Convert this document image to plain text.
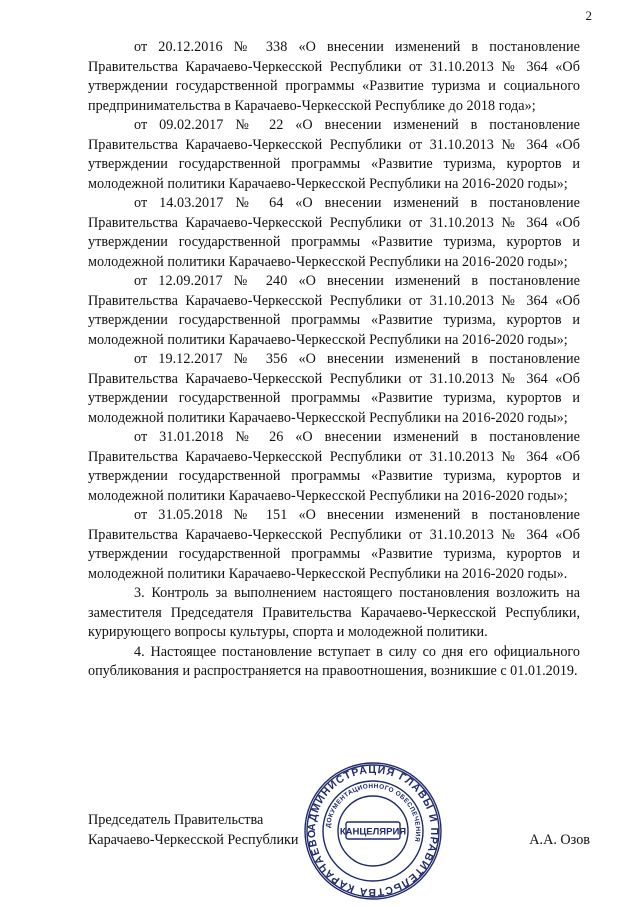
2

от 20.12.2016 № 338 «О внесении изменений в постановление Правительства Карачаево-Черкесской Республики от 31.10.2013 № 364 «Об утверждении государственной программы «Развитие туризма и социального предпринимательства в Карачаево-Черкесской Республике до 2018 года»;

от 09.02.2017 № 22 «О внесении изменений в постановление Правительства Карачаево-Черкесской Республики от 31.10.2013 № 364 «Об утверждении государственной программы «Развитие туризма, курортов и молодежной политики Карачаево-Черкесской Республики на 2016-2020 годы»;

от 14.03.2017 № 64 «О внесении изменений в постановление Правительства Карачаево-Черкесской Республики от 31.10.2013 № 364 «Об утверждении государственной программы «Развитие туризма, курортов и молодежной политики Карачаево-Черкесской Республики на 2016-2020 годы»;

от 12.09.2017 № 240 «О внесении изменений в постановление Правительства Карачаево-Черкесской Республики от 31.10.2013 № 364 «Об утверждении государственной программы «Развитие туризма, курортов и молодежной политики Карачаево-Черкесской Республики на 2016-2020 годы»;

от 19.12.2017 № 356 «О внесении изменений в постановление Правительства Карачаево-Черкесской Республики от 31.10.2013 № 364 «Об утверждении государственной программы «Развитие туризма, курортов и молодежной политики Карачаево-Черкесской Республики на 2016-2020 годы»;

от 31.01.2018 № 26 «О внесении изменений в постановление Правительства Карачаево-Черкесской Республики от 31.10.2013 № 364 «Об утверждении государственной программы «Развитие туризма, курортов и молодежной политики Карачаево-Черкесской Республики на 2016-2020 годы»;

от 31.05.2018 № 151 «О внесении изменений в постановление Правительства Карачаево-Черкесской Республики от 31.10.2013 № 364 «Об утверждении государственной программы «Развитие туризма, курортов и молодежной политики Карачаево-Черкесской Республики на 2016-2020 годы».

3. Контроль за выполнением настоящего постановления возложить на заместителя Председателя Правительства Карачаево-Черкесской Республики, курирующего вопросы культуры, спорта и молодежной политики.

4. Настоящее постановление вступает в силу со дня его официального опубликования и распространяется на правоотношения, возникшие с 01.01.2019.

Председатель Правительства
Карачаево-Черкесской Республики	А.А. Озов
АДМИНИСТРАЦИЯ ГЛАВЫ И ПРАВИТЕЛЬСТВА КАРАЧАЕВО
ДОКУМЕНТАЦИОННОГО ОБЕСПЕЧЕНИЯ
КАНЦЕЛЯРИЯ
